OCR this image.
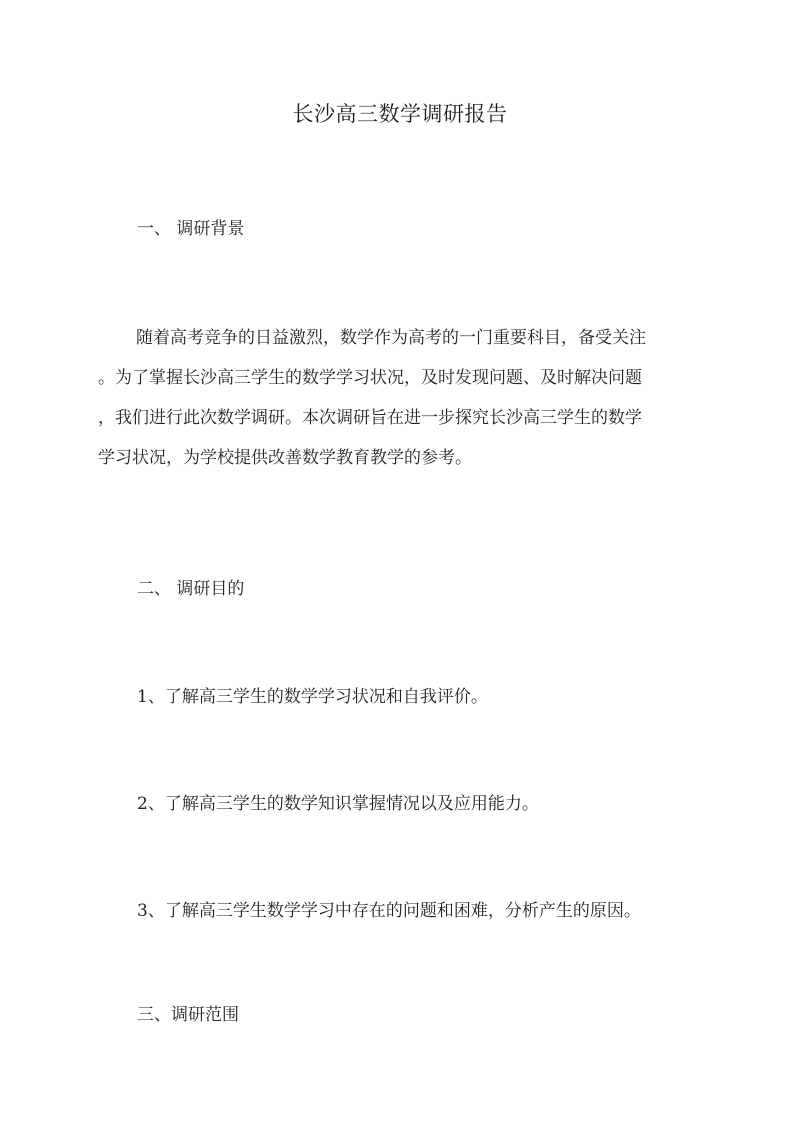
长沙高三数学调研报告
一、 调研背景
随着高考竞争的日益激烈，数学作为高考的一门重要科目，备受关注
。为了掌握长沙高三学生的数学学习状况，及时发现问题、及时解决问题
，我们进行此次数学调研。本次调研旨在进一步探究长沙高三学生的数学
学习状况，为学校提供改善数学教育教学的参考。
二、 调研目的

1、了解高三学生的数学学习状况和自我评价。

2、了解高三学生的数学知识掌握情况以及应用能力。

3、了解高三学生数学学习中存在的问题和困难，分析产生的原因。

三、调研范围
